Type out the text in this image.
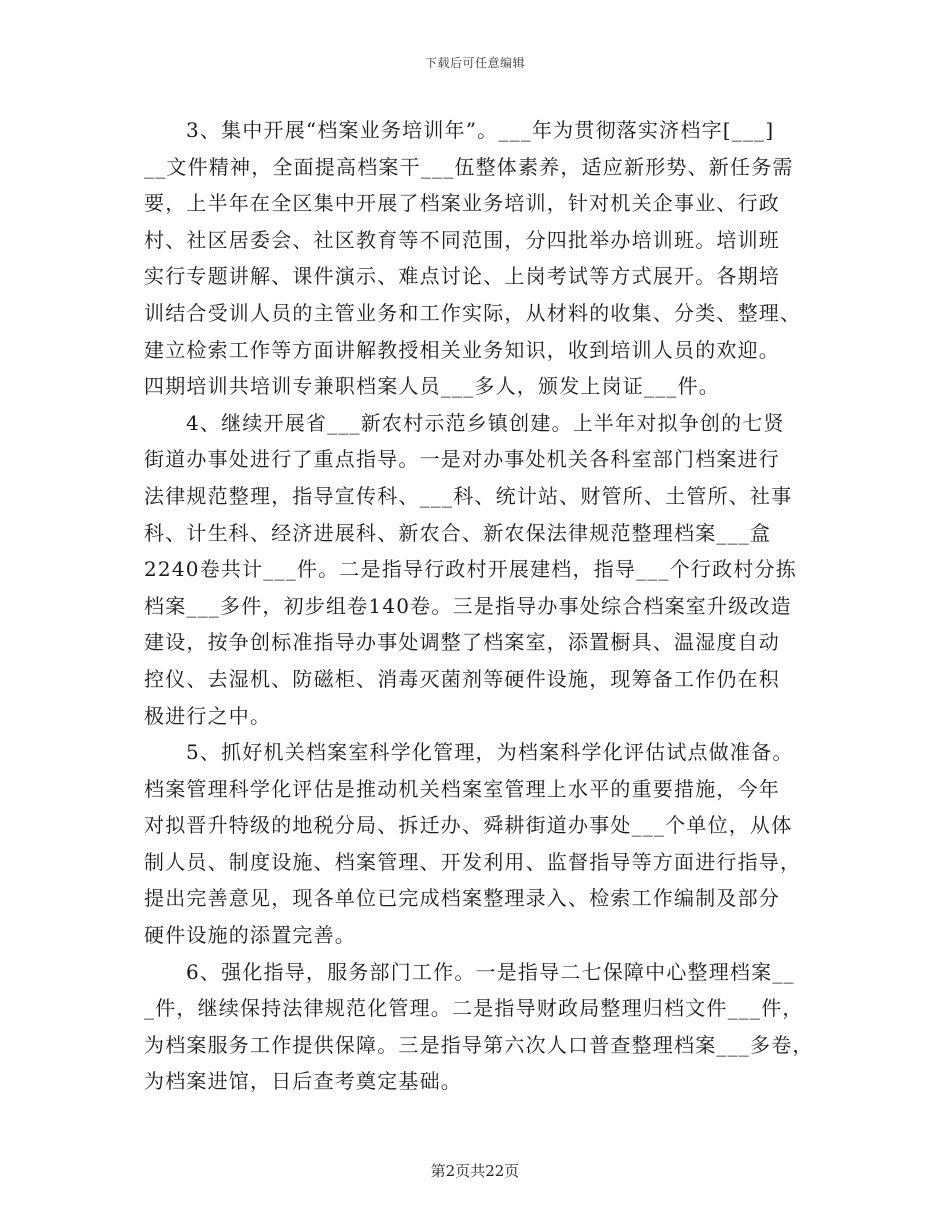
下载后可任意编辑
3、集中开展“档案业务培训年”。___年为贯彻落实济档字[___]
__文件精神，全面提高档案干___伍整体素养，适应新形势、新任务需
要，上半年在全区集中开展了档案业务培训，针对机关企事业、行政
村、社区居委会、社区教育等不同范围，分四批举办培训班。培训班
实行专题讲解、课件演示、难点讨论、上岗考试等方式展开。各期培
训结合受训人员的主管业务和工作实际，从材料的收集、分类、整理、
建立检索工作等方面讲解教授相关业务知识，收到培训人员的欢迎。
四期培训共培训专兼职档案人员___多人，颁发上岗证___件。
4、继续开展省___新农村示范乡镇创建。上半年对拟争创的七贤
街道办事处进行了重点指导。一是对办事处机关各科室部门档案进行
法律规范整理，指导宣传科、___科、统计站、财管所、土管所、社事
科、计生科、经济进展科、新农合、新农保法律规范整理档案___盒
2240卷共计___件。二是指导行政村开展建档，指导___个行政村分拣
档案___多件，初步组卷140卷。三是指导办事处综合档案室升级改造
建设，按争创标准指导办事处调整了档案室，添置橱具、温湿度自动
控仪、去湿机、防磁柜、消毒灭菌剂等硬件设施，现筹备工作仍在积
极进行之中。
5、抓好机关档案室科学化管理，为档案科学化评估试点做准备。
档案管理科学化评估是推动机关档案室管理上水平的重要措施，今年
对拟晋升特级的地税分局、拆迁办、舜耕街道办事处___个单位，从体
制人员、制度设施、档案管理、开发利用、监督指导等方面进行指导，
提出完善意见，现各单位已完成档案整理录入、检索工作编制及部分
硬件设施的添置完善。
6、强化指导，服务部门工作。一是指导二七保障中心整理档案__
_件，继续保持法律规范化管理。二是指导财政局整理归档文件___件，
为档案服务工作提供保障。三是指导第六次人口普查整理档案___多卷，
为档案进馆，日后查考奠定基础。
第2页共22页
